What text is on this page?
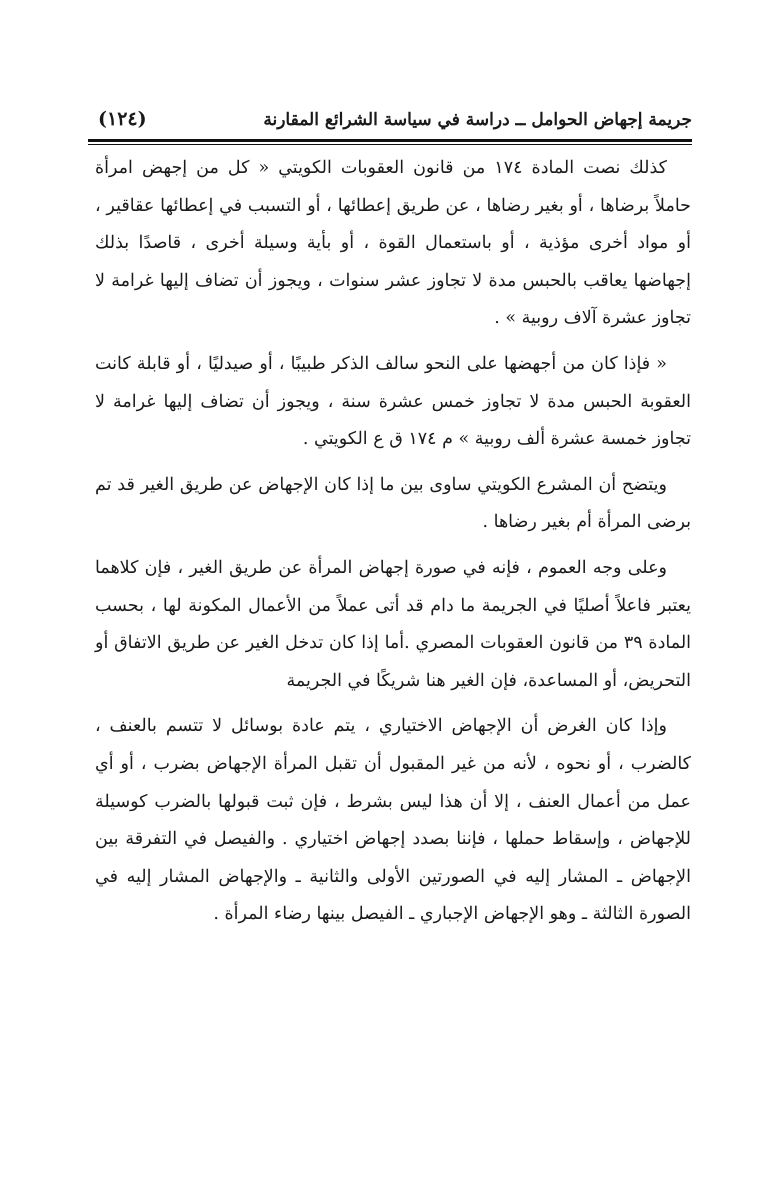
جريمة إجهاض الحوامل ــ دراسة في سياسة الشرائع المقارنة
(١٢٤)

كذلك نصت المادة ١٧٤ من قانون العقوبات الكويتي « كل من إجهض امرأة حاملاً برضاها ، أو بغير رضاها ، عن طريق إعطائها ، أو التسبب في إعطائها عقاقير ، أو مواد أخرى مؤذية ، أو باستعمال القوة ، أو بأية وسيلة أخرى ، قاصدًا بذلك إجهاضها يعاقب بالحبس مدة لا تجاوز عشر سنوات ، ويجوز أن تضاف إليها غرامة لا تجاوز عشرة آلاف روبية » .

« فإذا كان من أجهضها على النحو سالف الذكر طبيبًا ، أو صيدليًا ، أو قابلة كانت العقوبة الحبس مدة لا تجاوز خمس عشرة سنة ، ويجوز أن تضاف إليها غرامة لا تجاوز خمسة عشرة ألف روبية » م ١٧٤ ق ع الكويتي .

ويتضح أن المشرع الكويتي ساوى بين ما إذا كان الإجهاض عن طريق الغير قد تم برضى المرأة أم بغير رضاها .

وعلى وجه العموم ، فإنه في صورة إجهاض المرأة عن طريق الغير ، فإن كلاهما يعتبر فاعلاً أصليًا في الجريمة ما دام قد أتى عملاً من الأعمال المكونة لها ، بحسب المادة ٣٩ من قانون العقوبات المصري .أما إذا كان تدخل الغير عن طريق الاتفاق أو التحريض، أو المساعدة، فإن الغير هنا شريكًا في الجريمة

وإذا كان الغرض أن الإجهاض الاختياري ، يتم عادة بوسائل لا تتسم بالعنف ، كالضرب ، أو نحوه ، لأنه من غير المقبول أن تقبل المرأة الإجهاض بضرب ، أو أي عمل من أعمال العنف ، إلا أن هذا ليس بشرط ، فإن ثبت قبولها بالضرب كوسيلة للإجهاض ، وإسقاط حملها ، فإننا بصدد إجهاض اختياري . والفيصل في التفرقة بين الإجهاض ـ المشار إليه في الصورتين الأولى والثانية ـ والإجهاض المشار إليه في الصورة الثالثة ـ وهو الإجهاض الإجباري ـ الفيصل بينها رضاء المرأة .
